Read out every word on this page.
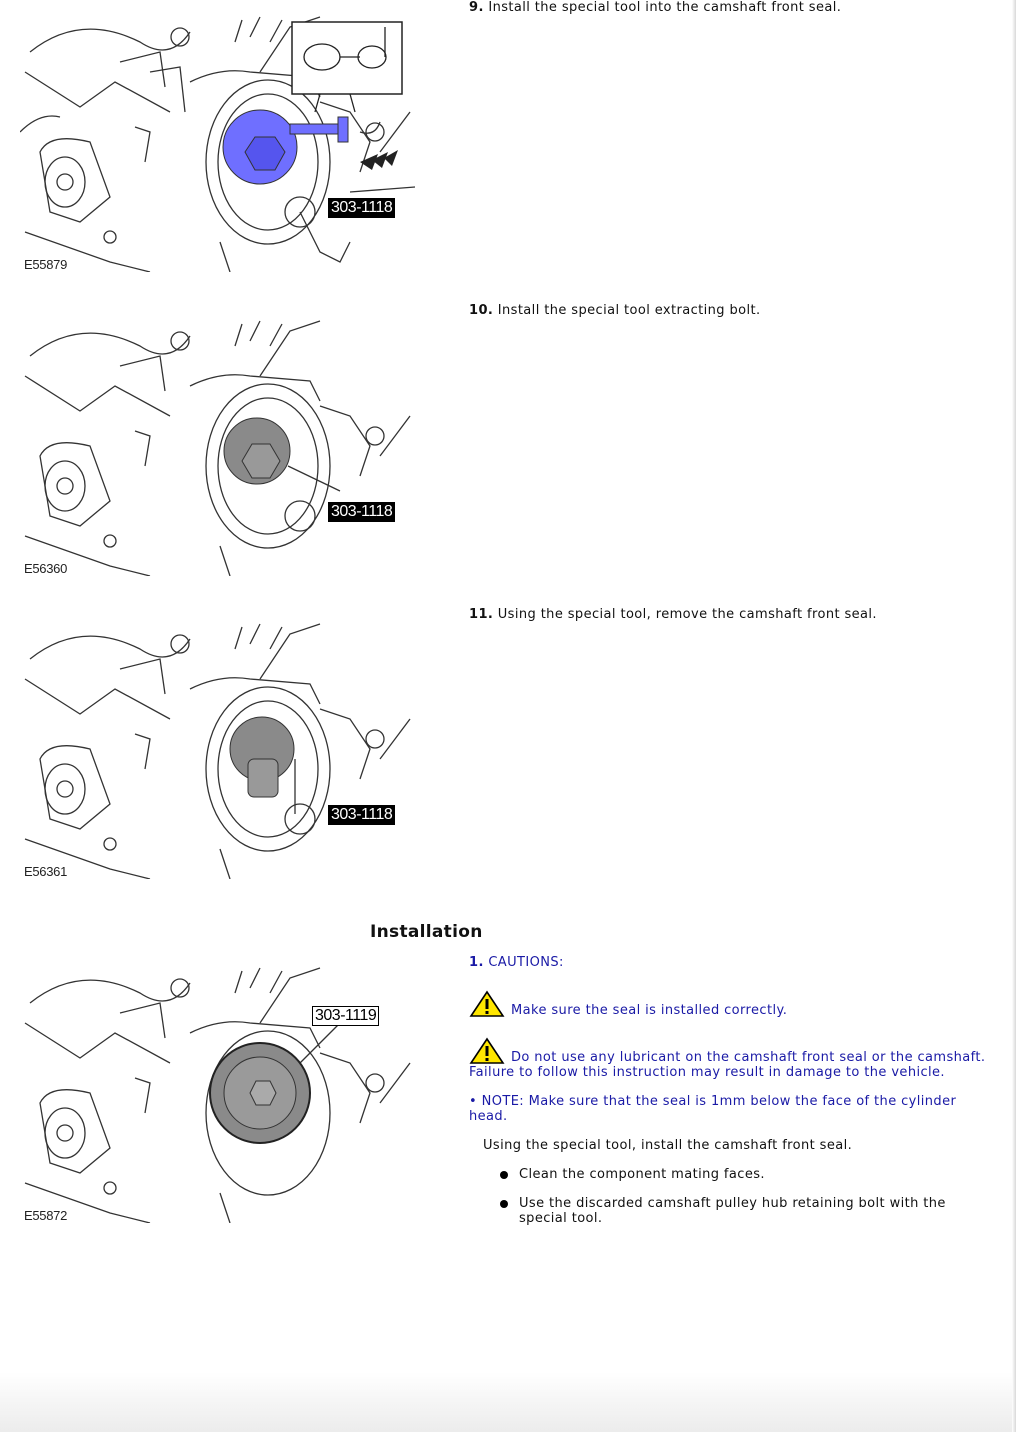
303-1118
E55879
9. Install the special tool into the camshaft front seal.
303-1118
E56360
10. Install the special tool extracting bolt.
303-1118
E56361
11. Using the special tool, remove the camshaft front seal.
Installation
303-1119
E55872
1. CAUTIONS:
Make sure the seal is installed correctly.
Do not use any lubricant on the camshaft front seal or the camshaft. Failure to follow this instruction may result in damage to the vehicle.
• NOTE: Make sure that the seal is 1mm below the face of the cylinder head.
Using the special tool, install the camshaft front seal.
Clean the component mating faces.
Use the discarded camshaft pulley hub retaining bolt with the special tool.
